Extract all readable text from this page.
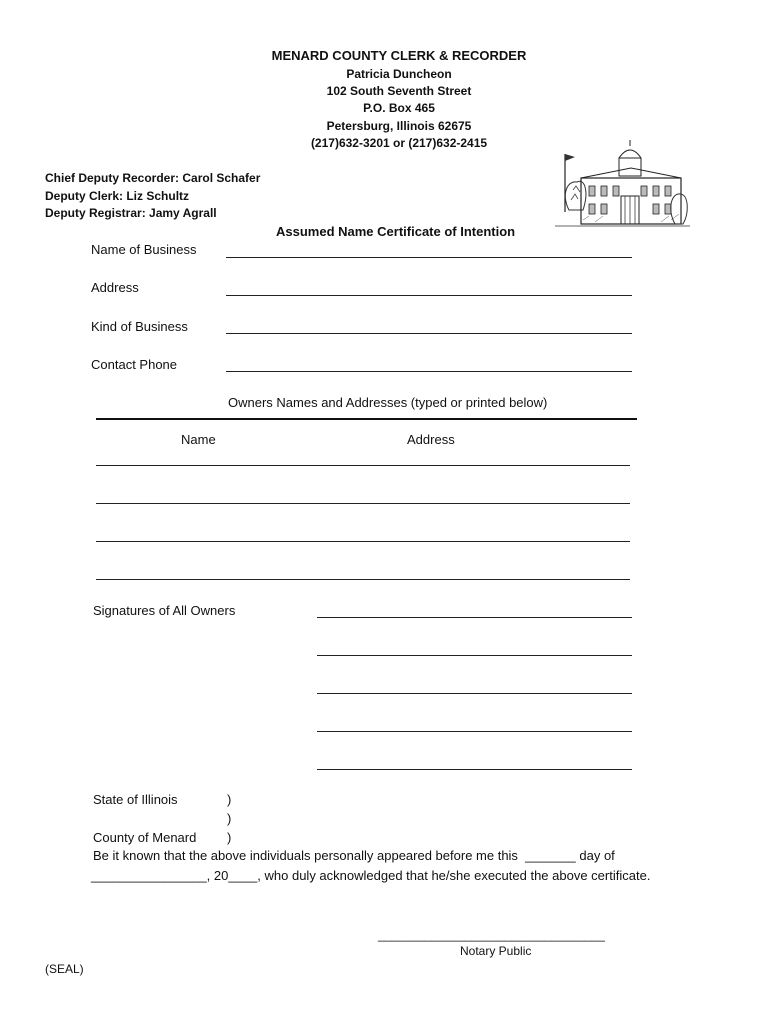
MENARD COUNTY CLERK & RECORDER
Patricia Duncheon
102 South Seventh Street
P.O. Box 465
Petersburg, Illinois 62675
(217)632-3201 or (217)632-2415
Chief Deputy Recorder: Carol Schafer
Deputy Clerk: Liz Schultz
Deputy Registrar: Jamy Agrall
Assumed Name Certificate of Intention
Name of Business
Address
Kind of Business
Contact Phone
Owners Names and Addresses (typed or printed below)
Name	Address
Signatures of All Owners
State of Illinois	)
)
County of Menard )
Be it known that the above individuals personally appeared before me this  _______ day of
________________, 20____, who duly acknowledged that he/she executed the above certificate.
__________________________________
Notary Public
(SEAL)
